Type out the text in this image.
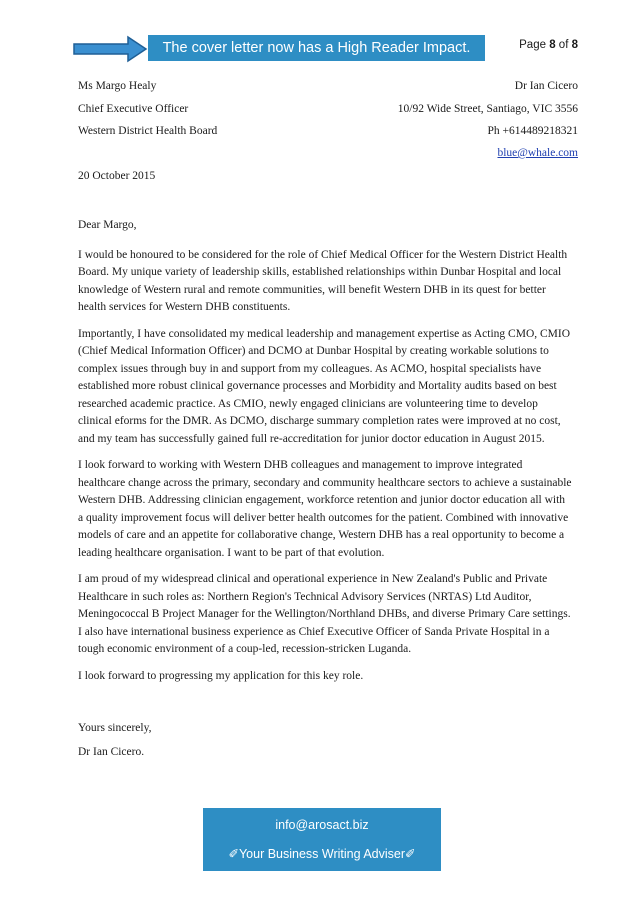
The cover letter now has a High Reader Impact.	Page 8 of 8
Ms Margo Healy	Dr Ian Cicero
Chief Executive Officer	10/92 Wide Street, Santiago, VIC 3556
Western District Health Board	Ph +614489218321
blue@whale.com
20 October 2015

Dear Margo,

I would be honoured to be considered for the role of Chief Medical Officer for the Western District Health Board. My unique variety of leadership skills, established relationships within Dunbar Hospital and local knowledge of Western rural and remote communities, will benefit Western DHB in its quest for better health services for Western DHB constituents.

Importantly, I have consolidated my medical leadership and management expertise as Acting CMO, CMIO (Chief Medical Information Officer) and DCMO at Dunbar Hospital by creating workable solutions to complex issues through buy in and support from my colleagues. As ACMO, hospital specialists have established more robust clinical governance processes and Morbidity and Mortality audits based on best researched academic practice. As CMIO, newly engaged clinicians are volunteering time to develop clinical eforms for the DMR. As DCMO, discharge summary completion rates were improved at no cost, and my team has successfully gained full re-accreditation for junior doctor education in August 2015.

I look forward to working with Western DHB colleagues and management to improve integrated healthcare change across the primary, secondary and community healthcare sectors to achieve a sustainable Western DHB. Addressing clinician engagement, workforce retention and junior doctor education all with a quality improvement focus will deliver better health outcomes for the patient. Combined with innovative models of care and an appetite for collaborative change, Western DHB has a real opportunity to become a leading healthcare organisation. I want to be part of that evolution.

I am proud of my widespread clinical and operational experience in New Zealand's Public and Private Healthcare in such roles as: Northern Region's Technical Advisory Services (NRTAS) Ltd Auditor, Meningococcal B Project Manager for the Wellington/Northland DHBs, and diverse Primary Care settings. I also have international business experience as Chief Executive Officer of Sanda Private Hospital in a tough economic environment of a coup-led, recession-stricken Luganda.

I look forward to progressing my application for this key role.

Yours sincerely,
Dr Ian Cicero.
info@arosact.biz
✐Your Business Writing Adviser✐
